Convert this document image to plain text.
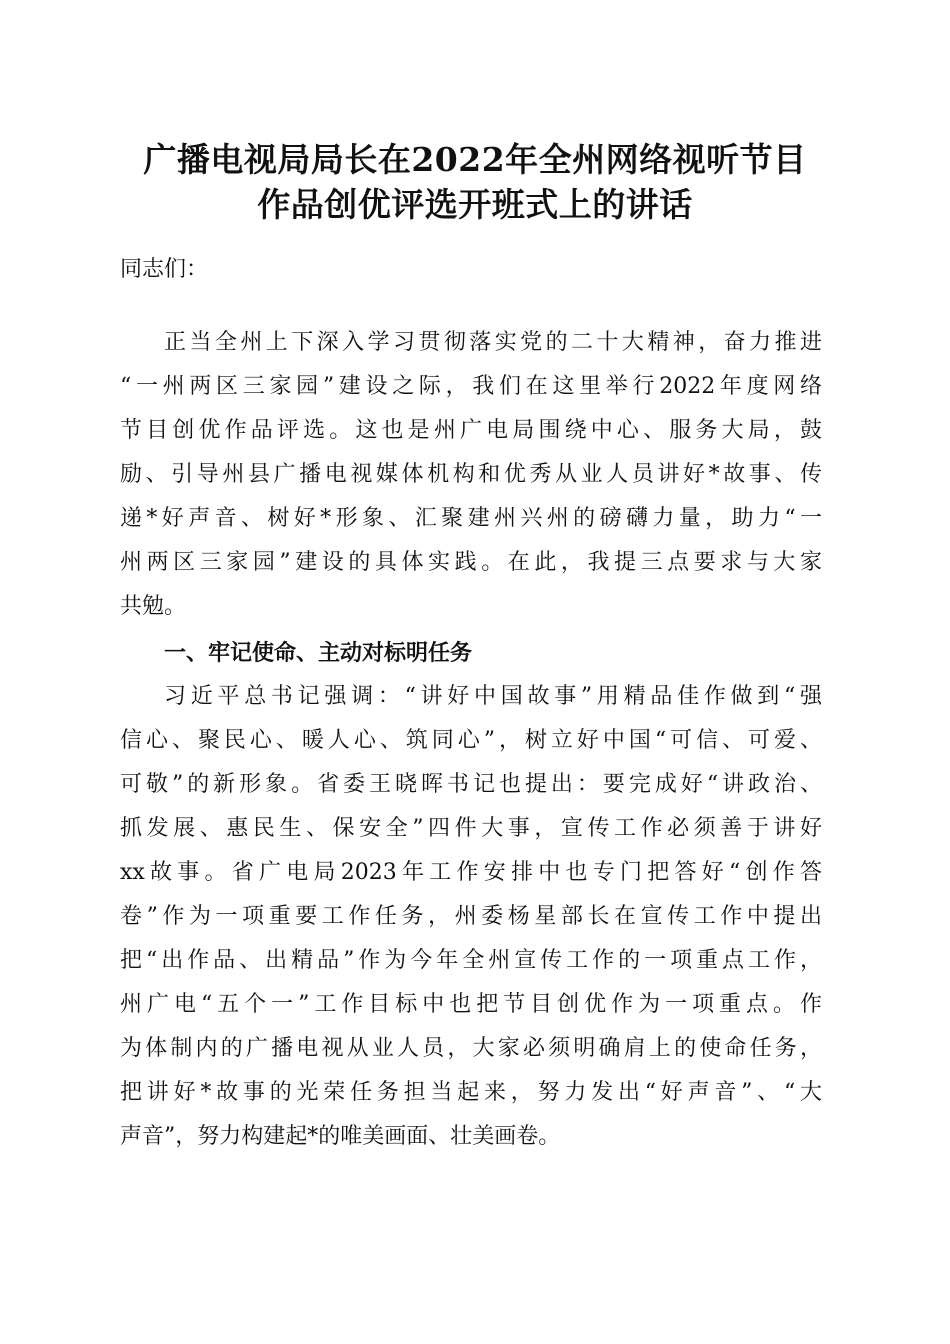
广播电视局局长在2022年全州网络视听节目
作品创优评选开班式上的讲话
同志们：
正当全州上下深入学习贯彻落实党的二十大精神，奋力推进
“一州两区三家园”建设之际，我们在这里举行2022年度网络
节目创优作品评选。这也是州广电局围绕中心、服务大局，鼓
励、引导州县广播电视媒体机构和优秀从业人员讲好*故事、传
递*好声音、树好*形象、汇聚建州兴州的磅礴力量，助力“一
州两区三家园”建设的具体实践。在此，我提三点要求与大家
共勉。
一、牢记使命、主动对标明任务
习近平总书记强调：“讲好中国故事”用精品佳作做到“强
信心、聚民心、暖人心、筑同心”，树立好中国“可信、可爱、
可敬”的新形象。省委王晓晖书记也提出：要完成好“讲政治、
抓发展、惠民生、保安全”四件大事，宣传工作必须善于讲好
xx故事。省广电局2023年工作安排中也专门把答好“创作答
卷”作为一项重要工作任务，州委杨星部长在宣传工作中提出
把“出作品、出精品”作为今年全州宣传工作的一项重点工作，
州广电“五个一”工作目标中也把节目创优作为一项重点。作
为体制内的广播电视从业人员，大家必须明确肩上的使命任务，
把讲好*故事的光荣任务担当起来，努力发出“好声音”、“大
声音”，努力构建起*的唯美画面、壮美画卷。
